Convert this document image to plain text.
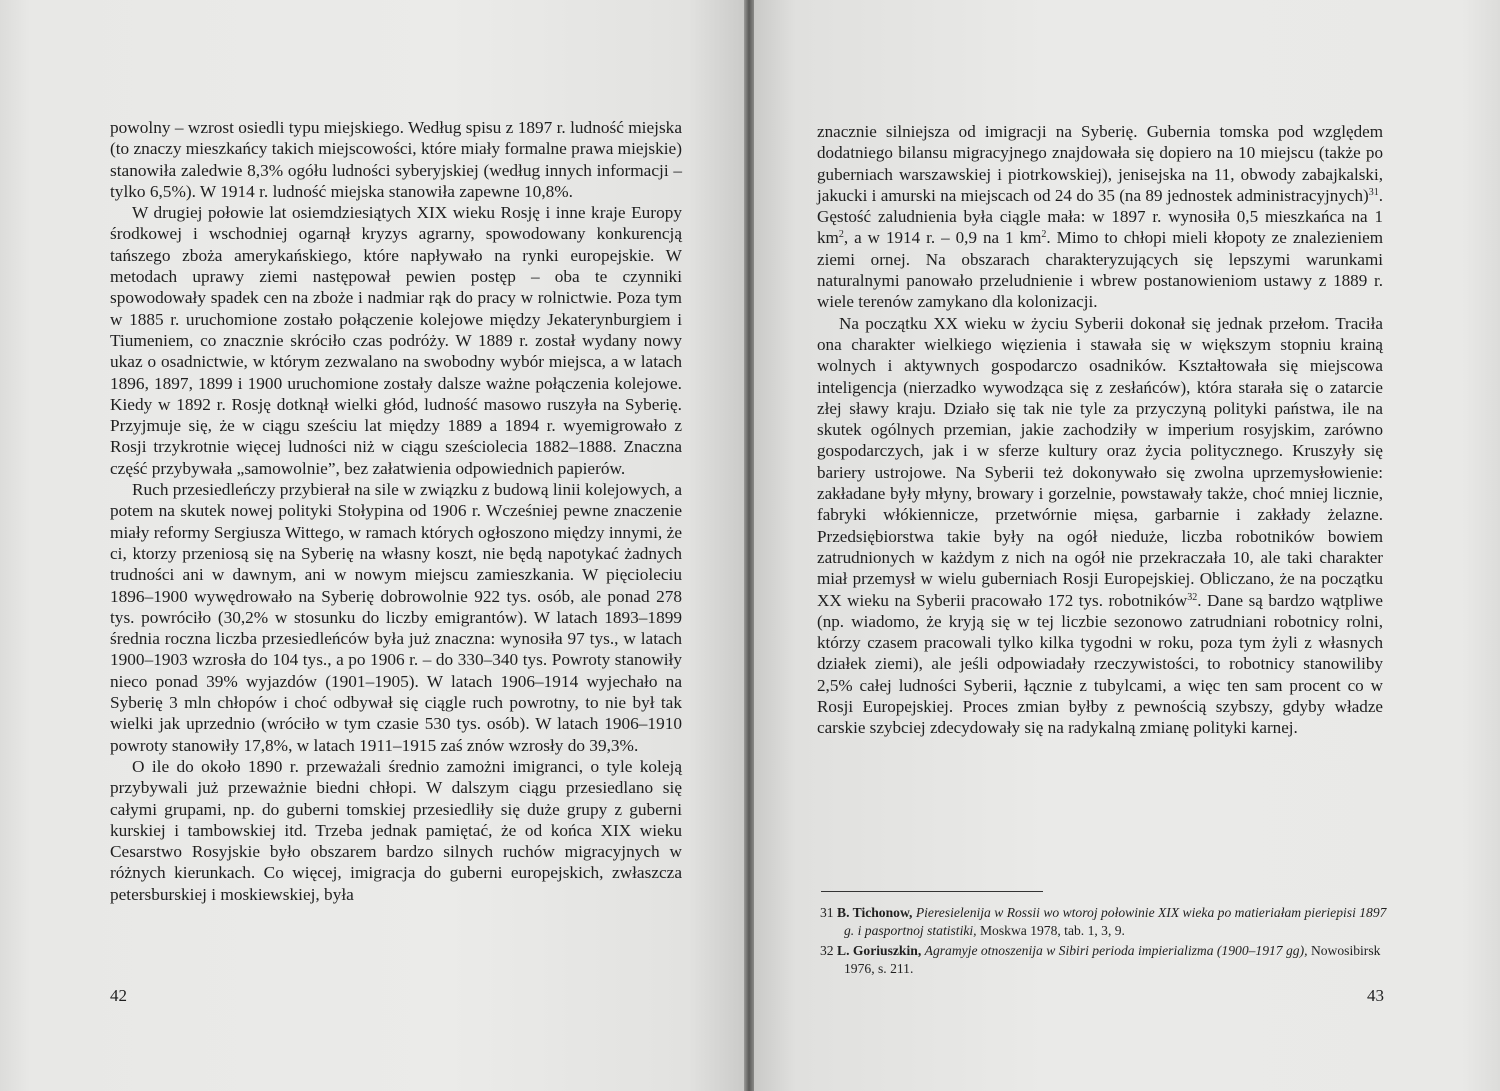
powolny – wzrost osiedli typu miejskiego. Według spisu z 1897 r. ludność miejska (to znaczy mieszkańcy takich miejscowości, które miały formalne prawa miejskie) stanowiła zaledwie 8,3% ogółu ludności syberyjskiej (według innych informacji – tylko 6,5%). W 1914 r. ludność miejska stanowiła zapewne 10,8%.

W drugiej połowie lat osiemdziesiątych XIX wieku Rosję i inne kraje Europy środkowej i wschodniej ogarnął kryzys agrarny, spowodowany konkurencją tańszego zboża amerykańskiego, które napływało na rynki europejskie. W metodach uprawy ziemi następował pewien postęp – oba te czynniki spowodowały spadek cen na zboże i nadmiar rąk do pracy w rolnictwie. Poza tym w 1885 r. uruchomione zostało połączenie kolejowe między Jekaterynburgiem i Tiumeniem, co znacznie skróciło czas podróży. W 1889 r. został wydany nowy ukaz o osadnictwie, w którym zezwalano na swobodny wybór miejsca, a w latach 1896, 1897, 1899 i 1900 uruchomione zostały dalsze ważne połączenia kolejowe. Kiedy w 1892 r. Rosję dotknął wielki głód, ludność masowo ruszyła na Syberię. Przyjmuje się, że w ciągu sześciu lat między 1889 a 1894 r. wyemigrowało z Rosji trzykrotnie więcej ludności niż w ciągu sześciolecia 1882–1888. Znaczna część przybywała „samowolnie”, bez załatwienia odpowiednich papierów.

Ruch przesiedleńczy przybierał na sile w związku z budową linii kolejowych, a potem na skutek nowej polityki Stołypina od 1906 r. Wcześniej pewne znaczenie miały reformy Sergiusza Wittego, w ramach których ogłoszono między innymi, że ci, ktorzy przeniosą się na Syberię na własny koszt, nie będą napotykać żadnych trudności ani w dawnym, ani w nowym miejscu zamieszkania. W pięcioleciu 1896–1900 wywędrowało na Syberię dobrowolnie 922 tys. osób, ale ponad 278 tys. powróciło (30,2% w stosunku do liczby emigrantów). W latach 1893–1899 średnia roczna liczba przesiedleńców była już znaczna: wynosiła 97 tys., w latach 1900–1903 wzrosła do 104 tys., a po 1906 r. – do 330–340 tys. Powroty stanowiły nieco ponad 39% wyjazdów (1901–1905). W latach 1906–1914 wyjechało na Syberię 3 mln chłopów i choć odbywał się ciągle ruch powrotny, to nie był tak wielki jak uprzednio (wróciło w tym czasie 530 tys. osób). W latach 1906–1910 powroty stanowiły 17,8%, w latach 1911–1915 zaś znów wzrosły do 39,3%.

O ile do około 1890 r. przeważali średnio zamożni imigranci, o tyle koleją przybywali już przeważnie biedni chłopi. W dalszym ciągu przesiedlano się całymi grupami, np. do guberni tomskiej przesiedliły się duże grupy z guberni kurskiej i tambowskiej itd. Trzeba jednak pamiętać, że od końca XIX wieku Cesarstwo Rosyjskie było obszarem bardzo silnych ruchów migracyjnych w różnych kierunkach. Co więcej, imigracja do guberni europejskich, zwłaszcza petersburskiej i moskiewskiej, była

42

znacznie silniejsza od imigracji na Syberię. Gubernia tomska pod względem dodatniego bilansu migracyjnego znajdowała się dopiero na 10 miejscu (także po guberniach warszawskiej i piotrkowskiej), jenisejska na 11, obwody zabajkalski, jakucki i amurski na miejscach od 24 do 35 (na 89 jednostek administracyjnych)$^{31}$. Gęstość zaludnienia była ciągle mała: w 1897 r. wynosiła 0,5 mieszkańca na 1 $km^2$, a w 1914 r. – 0,9 na 1 $km^2$. Mimo to chłopi mieli kłopoty ze znalezieniem ziemi ornej. Na obszarach charakteryzujących się lepszymi warunkami naturalnymi panowało przeludnienie i wbrew postanowieniom ustawy z 1889 r. wiele terenów zamykano dla kolonizacji.

Na początku XX wieku w życiu Syberii dokonał się jednak przełom. Traciła ona charakter wielkiego więzienia i stawała się w większym stopniu krainą wolnych i aktywnych gospodarczo osadników. Kształtowała się miejscowa inteligencja (nierzadko wywodząca się z zesłańców), która starała się o zatarcie złej sławy kraju. Działo się tak nie tyle za przyczyną polityki państwa, ile na skutek ogólnych przemian, jakie zachodziły w imperium rosyjskim, zarówno gospodarczych, jak i w sferze kultury oraz życia politycznego. Kruszyły się bariery ustrojowe. Na Syberii też dokonywało się zwolna uprzemysłowienie: zakładane były młyny, browary i gorzelnie, powstawały także, choć mniej licznie, fabryki włókiennicze, przetwórnie mięsa, garbarnie i zakłady żelazne. Przedsiębiorstwa takie były na ogół nieduże, liczba robotników bowiem zatrudnionych w każdym z nich na ogół nie przekraczała 10, ale taki charakter miał przemysł w wielu guberniach Rosji Europejskiej. Obliczano, że na początku XX wieku na Syberii pracowało 172 tys. robotników$^{32}$. Dane są bardzo wątpliwe (np. wiadomo, że kryją się w tej liczbie sezonowo zatrudniani robotnicy rolni, którzy czasem pracowali tylko kilka tygodni w roku, poza tym żyli z własnych działek ziemi), ale jeśli odpowiadały rzeczywistości, to robotnicy stanowiliby 2,5% całej ludności Syberii, łącznie z tubylcami, a więc ten sam procent co w Rosji Europejskiej. Proces zmian byłby z pewnością szybszy, gdyby władze carskie szybciej zdecydowały się na radykalną zmianę polityki karnej.

31 B. Tichonow, Pieresielenija w Rossii wo wtoroj połowinie XIX wieka po matieriałam pieriepisi 1897 g. i pasportnoj statistiki, Moskwa 1978, tab. 1, 3, 9.

32 L. Goriuszkin, Agramyje otnoszenija w Sibiri perioda impierializma (1900–1917 gg), Nowosibirsk 1976, s. 211.

43
